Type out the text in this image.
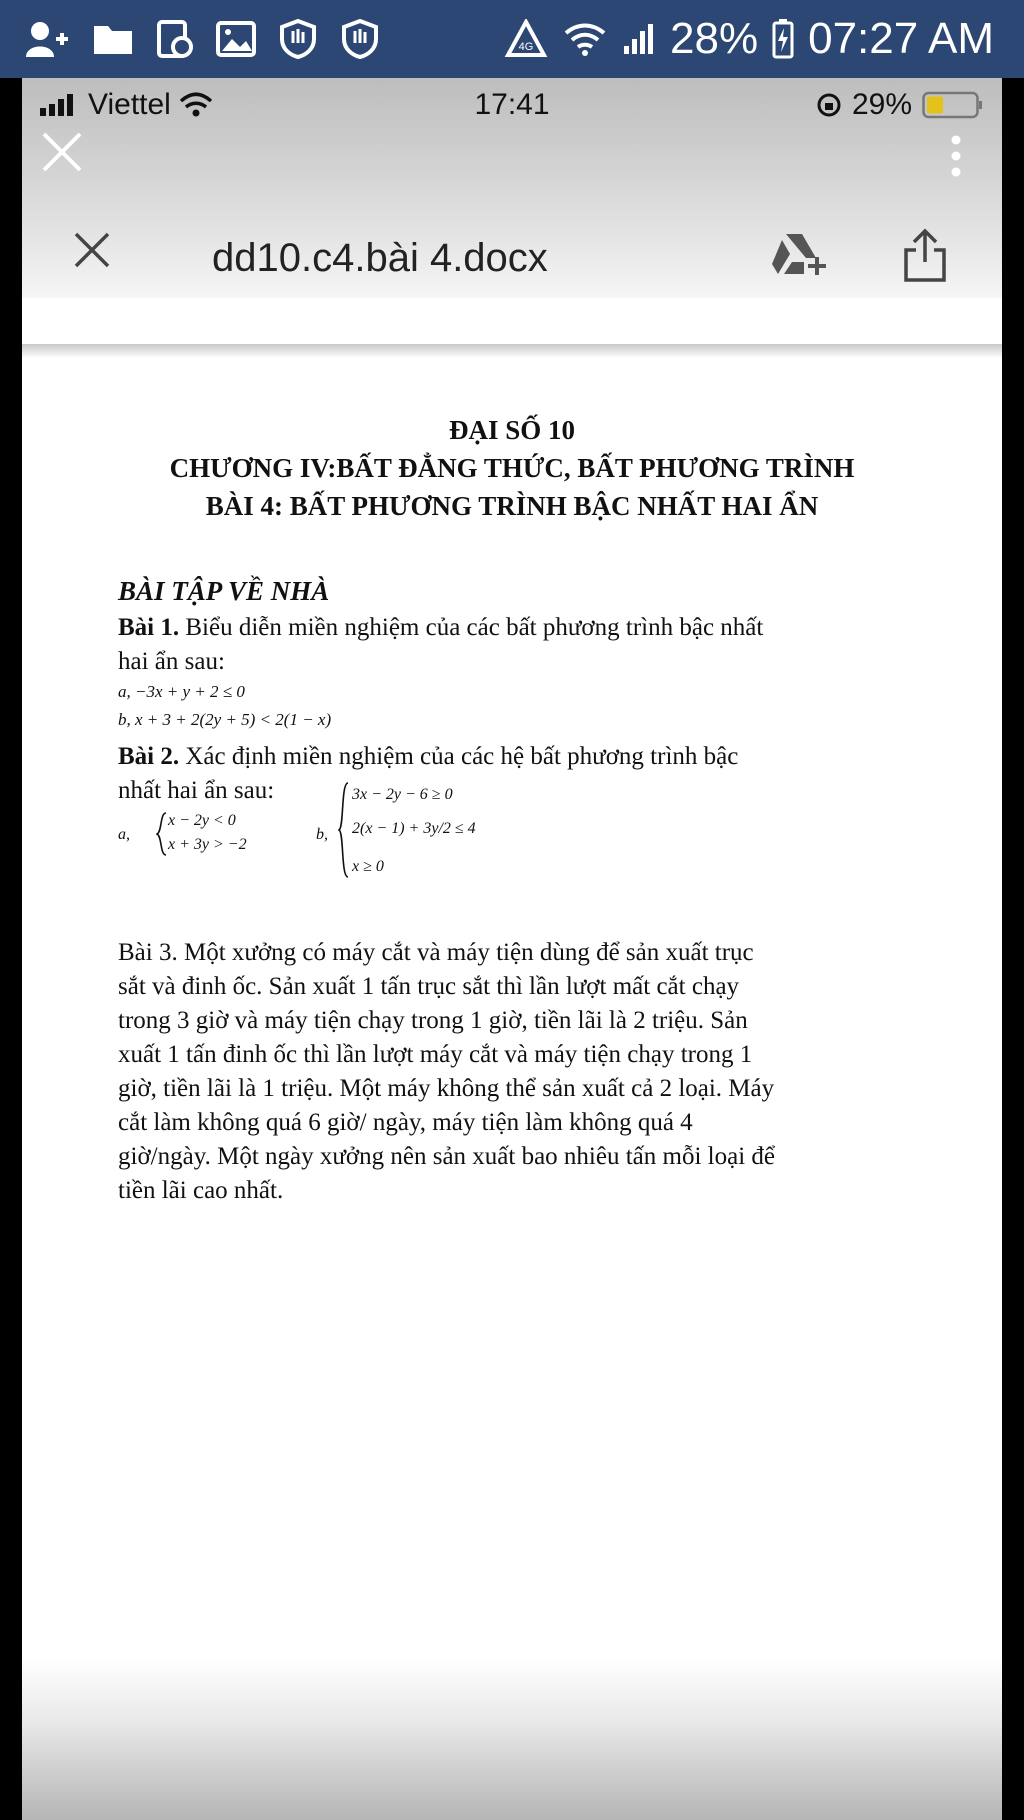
4G	28% 07:27 AM
Viettel	17:41	29%
dd10.c4.bài 4.docx
ĐẠI SỐ 10
CHƯƠNG IV:BẤT ĐẲNG THỨC, BẤT PHƯƠNG TRÌNH
BÀI 4: BẤT PHƯƠNG TRÌNH BẬC NHẤT HAI ẨN
BÀI TẬP VỀ NHÀ
Bài 1. Biểu diễn miền nghiệm của các bất phương trình bậc nhất
hai ẩn sau:
a, −3x + y + 2 ≤ 0
b, x + 3 + 2(2y + 5) < 2(1 − x)
Bài 2. Xác định miền nghiệm của các hệ bất phương trình bậc
nhất hai ẩn sau:
a,
x − 2y < 0
x + 3y > −2
b,
3x − 2y − 6 ≥ 0
2(x − 1) + 3y/2 ≤ 4
x ≥ 0
Bài 3. Một xưởng có máy cắt và máy tiện dùng để sản xuất trục
sắt và đinh ốc. Sản xuất 1 tấn trục sắt thì lần lượt mất cắt chạy
trong 3 giờ và máy tiện chạy trong 1 giờ, tiền lãi là 2 triệu. Sản
xuất 1 tấn đinh ốc thì lần lượt máy cắt và máy tiện chạy trong 1
giờ, tiền lãi là 1 triệu. Một máy không thể sản xuất cả 2 loại. Máy
cắt làm không quá 6 giờ/ ngày, máy tiện làm không quá 4
giờ/ngày. Một ngày xưởng nên sản xuất bao nhiêu tấn mỗi loại để
tiền lãi cao nhất.
